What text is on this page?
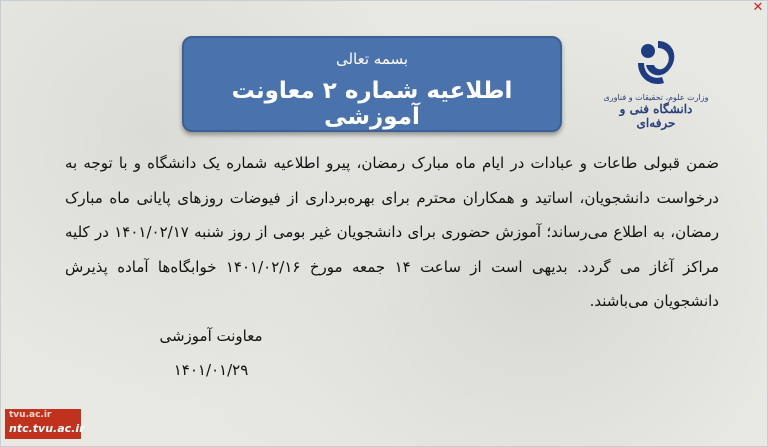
✕
بسمه تعالی
اطلاعیه شماره ۲ معاونت آموزشی
وزارت علوم، تحقیقات و فناوری
دانشگاه فنی و حرفه‌ای
ضمن قبولی طاعات و عبادات در ایام ماه مبارک رمضان، پیرو اطلاعیه شماره یک دانشگاه و با توجه به درخواست دانشجویان، اساتید و همکاران محترم برای بهره‌برداری از فیوضات روزهای پایانی ماه مبارک رمضان، به اطلاع می‌رساند؛ آموزش حضوری برای دانشجویان غیر بومی از روز شنبه ۱۴۰۱/۰۲/۱۷ در کلیه مراکز آغاز می گردد. بدیهی است از ساعت ۱۴ جمعه مورخ ۱۴۰۱/۰۲/۱۶ خوابگاه‌ها آماده پذیرش دانشجویان می‌باشند.
معاونت آموزشی
۱۴۰۱/۰۱/۲۹
tvu.ac.ir
ntc.tvu.ac.ir
